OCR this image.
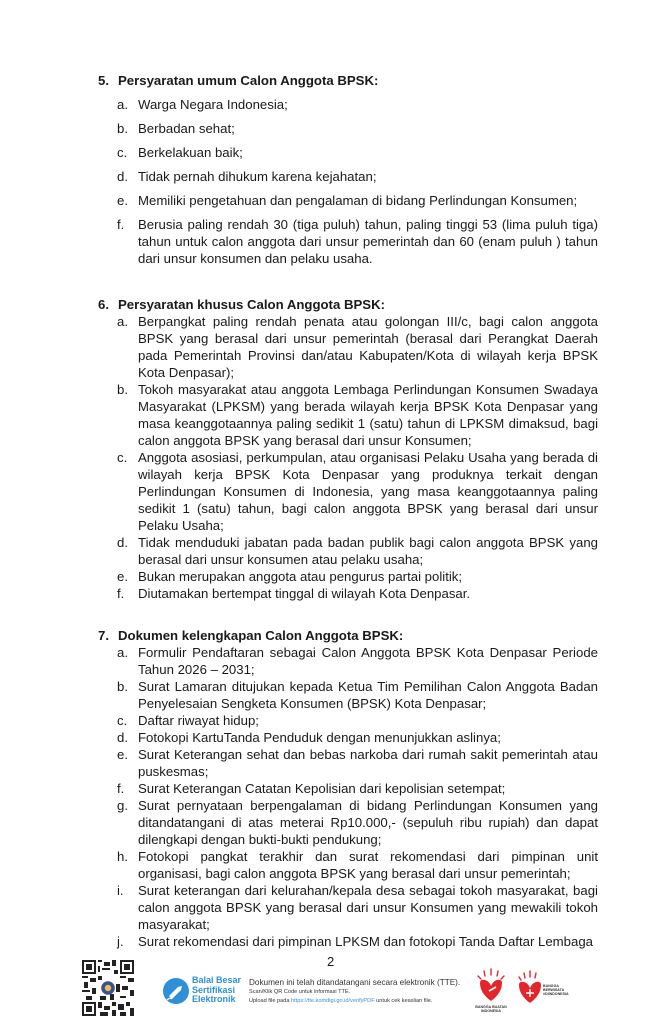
5. Persyaratan umum Calon Anggota BPSK:
a. Warga Negara Indonesia;
b. Berbadan sehat;
c. Berkelakuan baik;
d. Tidak pernah dihukum karena kejahatan;
e. Memiliki pengetahuan dan pengalaman di bidang Perlindungan Konsumen;
f.	Berusia paling rendah 30 (tiga puluh) tahun, paling tinggi 53 (lima puluh tiga) tahun untuk calon anggota dari unsur pemerintah dan 60 (enam puluh ) tahun dari unsur konsumen dan pelaku usaha.
6. Persyaratan khusus Calon Anggota BPSK:
a. Berpangkat paling rendah penata atau golongan III/c, bagi calon anggota BPSK yang berasal dari unsur pemerintah (berasal dari Perangkat Daerah pada Pemerintah Provinsi dan/atau Kabupaten/Kota di wilayah kerja BPSK Kota Denpasar);
b. Tokoh masyarakat atau anggota Lembaga Perlindungan Konsumen Swadaya Masyarakat (LPKSM) yang berada wilayah kerja BPSK Kota Denpasar yang masa keanggotaannya paling sedikit 1 (satu) tahun di LPKSM dimaksud, bagi calon anggota BPSK yang berasal dari unsur Konsumen;
c. Anggota asosiasi, perkumpulan, atau organisasi Pelaku Usaha yang berada di wilayah kerja BPSK Kota Denpasar yang produknya terkait dengan Perlindungan Konsumen di Indonesia, yang masa keanggotaannya paling sedikit 1 (satu) tahun, bagi calon anggota BPSK yang berasal dari unsur Pelaku Usaha;
d. Tidak menduduki jabatan pada badan publik bagi calon anggota BPSK yang berasal dari unsur konsumen atau pelaku usaha;
e. Bukan merupakan anggota atau pengurus partai politik;
f.	Diutamakan bertempat tinggal di wilayah Kota Denpasar.
7. Dokumen kelengkapan Calon Anggota BPSK:
a. Formulir Pendaftaran sebagai Calon Anggota BPSK Kota Denpasar Periode Tahun 2026 – 2031;
b. Surat Lamaran ditujukan kepada Ketua Tim Pemilihan Calon Anggota Badan Penyelesaian Sengketa Konsumen (BPSK) Kota Denpasar;
c. Daftar riwayat hidup;
d. Fotokopi KartuTanda Penduduk dengan menunjukkan aslinya;
e. Surat Keterangan sehat dan bebas narkoba dari rumah sakit pemerintah atau puskesmas;
f.	Surat Keterangan Catatan Kepolisian dari kepolisian setempat;
g. Surat pernyataan berpengalaman di bidang Perlindungan Konsumen yang ditandatangani di atas meterai Rp10.000,- (sepuluh ribu rupiah) dan dapat dilengkapi dengan bukti-bukti pendukung;
h. Fotokopi pangkat terakhir dan surat rekomendasi dari pimpinan unit organisasi, bagi calon anggota BPSK yang berasal dari unsur pemerintah;
i.	Surat keterangan dari kelurahan/kepala desa sebagai tokoh masyarakat, bagi calon anggota BPSK yang berasal dari unsur Konsumen yang mewakili tokoh masyarakat;
j.	Surat rekomendasi dari pimpinan LPKSM dan fotokopi Tanda Daftar Lembaga
2
Balai Besar
Sertifikasi
Elektronik
Dokumen ini telah ditandatangani secara elektronik (TTE).
Scan/Klik QR Code untuk informasi TTE.
Upload file pada https://tte.komdigi.go.id/verifyPDF untuk cek keaslian file.
BANGGA BUATAN
INDONESIA
BANGGA
BERWISATA
#DIINDONESIA
